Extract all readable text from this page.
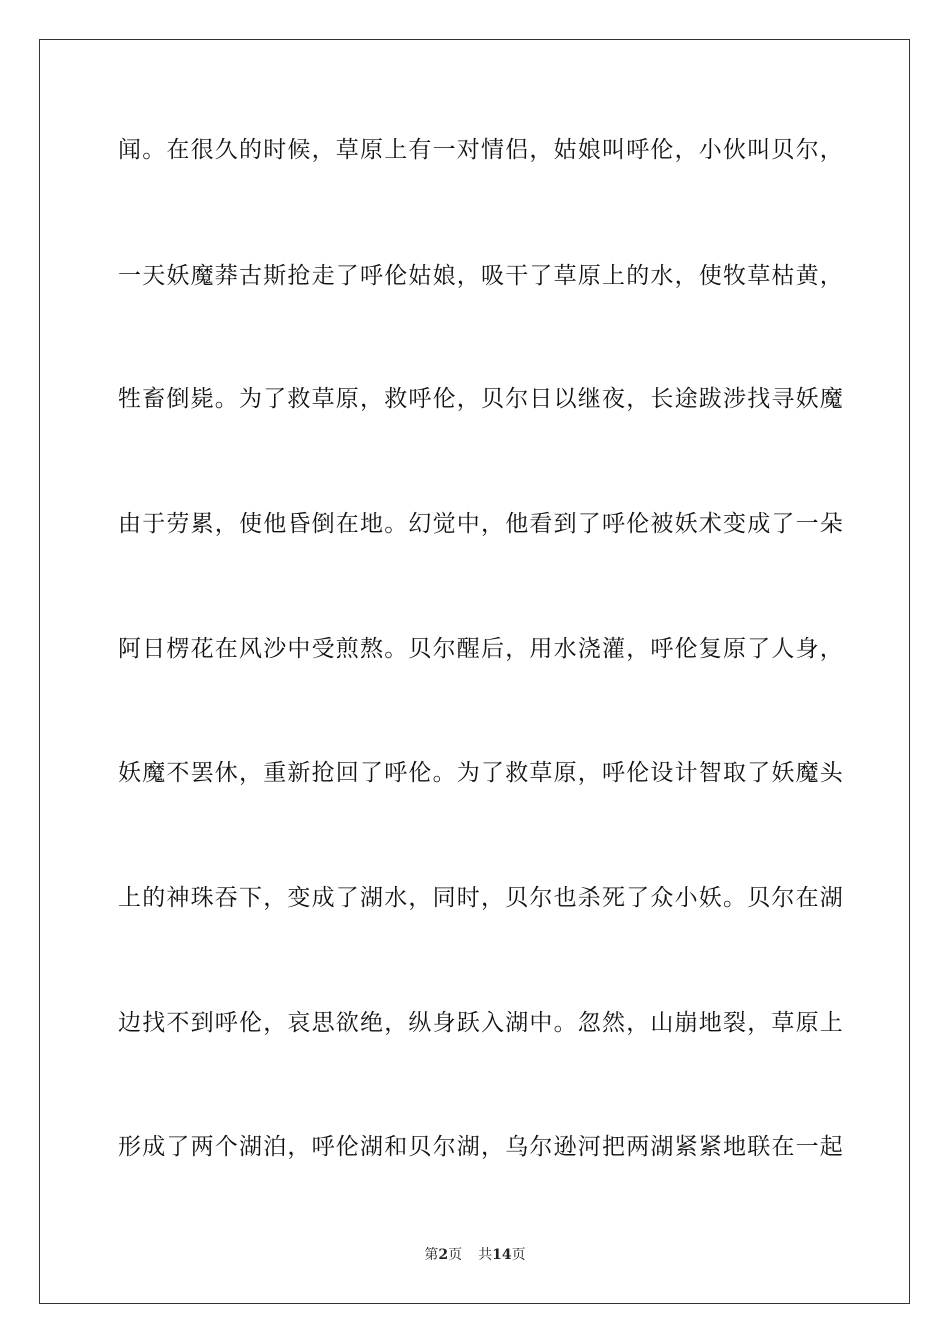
闻。在很久的时候，草原上有一对情侣，姑娘叫呼伦，小伙叫贝尔，
一天妖魔莽古斯抢走了呼伦姑娘，吸干了草原上的水，使牧草枯黄，
牲畜倒毙。为了救草原，救呼伦，贝尔日以继夜，长途跋涉找寻妖魔
由于劳累，使他昏倒在地。幻觉中，他看到了呼伦被妖术变成了一朵
阿日楞花在风沙中受煎熬。贝尔醒后，用水浇灌，呼伦复原了人身，
妖魔不罢休，重新抢回了呼伦。为了救草原，呼伦设计智取了妖魔头
上的神珠吞下，变成了湖水，同时，贝尔也杀死了众小妖。贝尔在湖
边找不到呼伦，哀思欲绝，纵身跃入湖中。忽然，山崩地裂，草原上
形成了两个湖泊，呼伦湖和贝尔湖，乌尔逊河把两湖紧紧地联在一起
第2页 共14页
